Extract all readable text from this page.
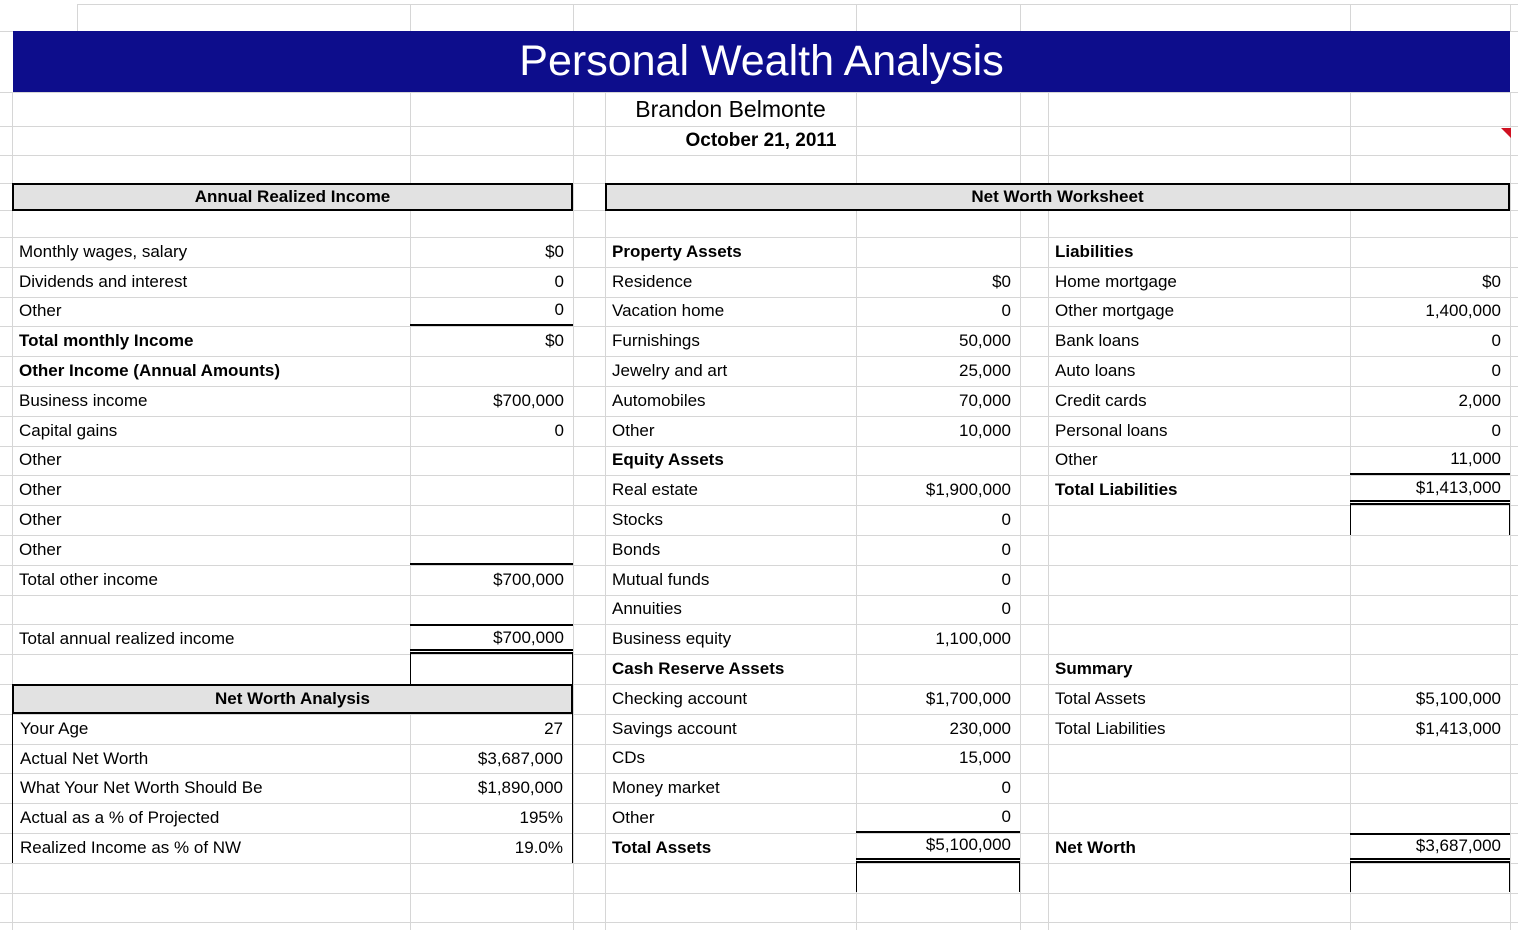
Personal Wealth Analysis
Brandon Belmonte
October 21, 2011
Annual Realized Income	Net Worth Worksheet
Net Worth Analysis
Monthly wages, salary	$0
Dividends and interest	0
Other	0
Total monthly Income	$0
Other Income (Annual Amounts)
Business income	$700,000
Capital gains	0
Other
Other
Other
Other
Total other income	$700,000
Total annual realized income	$700,000
Your Age	27
Actual Net Worth	$3,687,000
What Your Net Worth Should Be	$1,890,000
Actual as a % of Projected	195%
Realized Income as % of NW	19.0%
Property Assets
Residence	$0
Vacation home	0
Furnishings	50,000
Jewelry and art	25,000
Automobiles	70,000
Other	10,000
Equity Assets
Real estate	$1,900,000
Stocks	0
Bonds	0
Mutual funds	0
Annuities	0
Business equity	1,100,000
Cash Reserve Assets
Checking account	$1,700,000
Savings account	230,000
CDs	15,000
Money market	0
Other	0
Total Assets	$5,100,000
Liabilities
Home mortgage	$0
Other mortgage	1,400,000
Bank loans	0
Auto loans	0
Credit cards	2,000
Personal loans	0
Other	11,000
Total Liabilities	$1,413,000
Summary
Total Assets	$5,100,000
Total Liabilities	$1,413,000
Net Worth	$3,687,000
